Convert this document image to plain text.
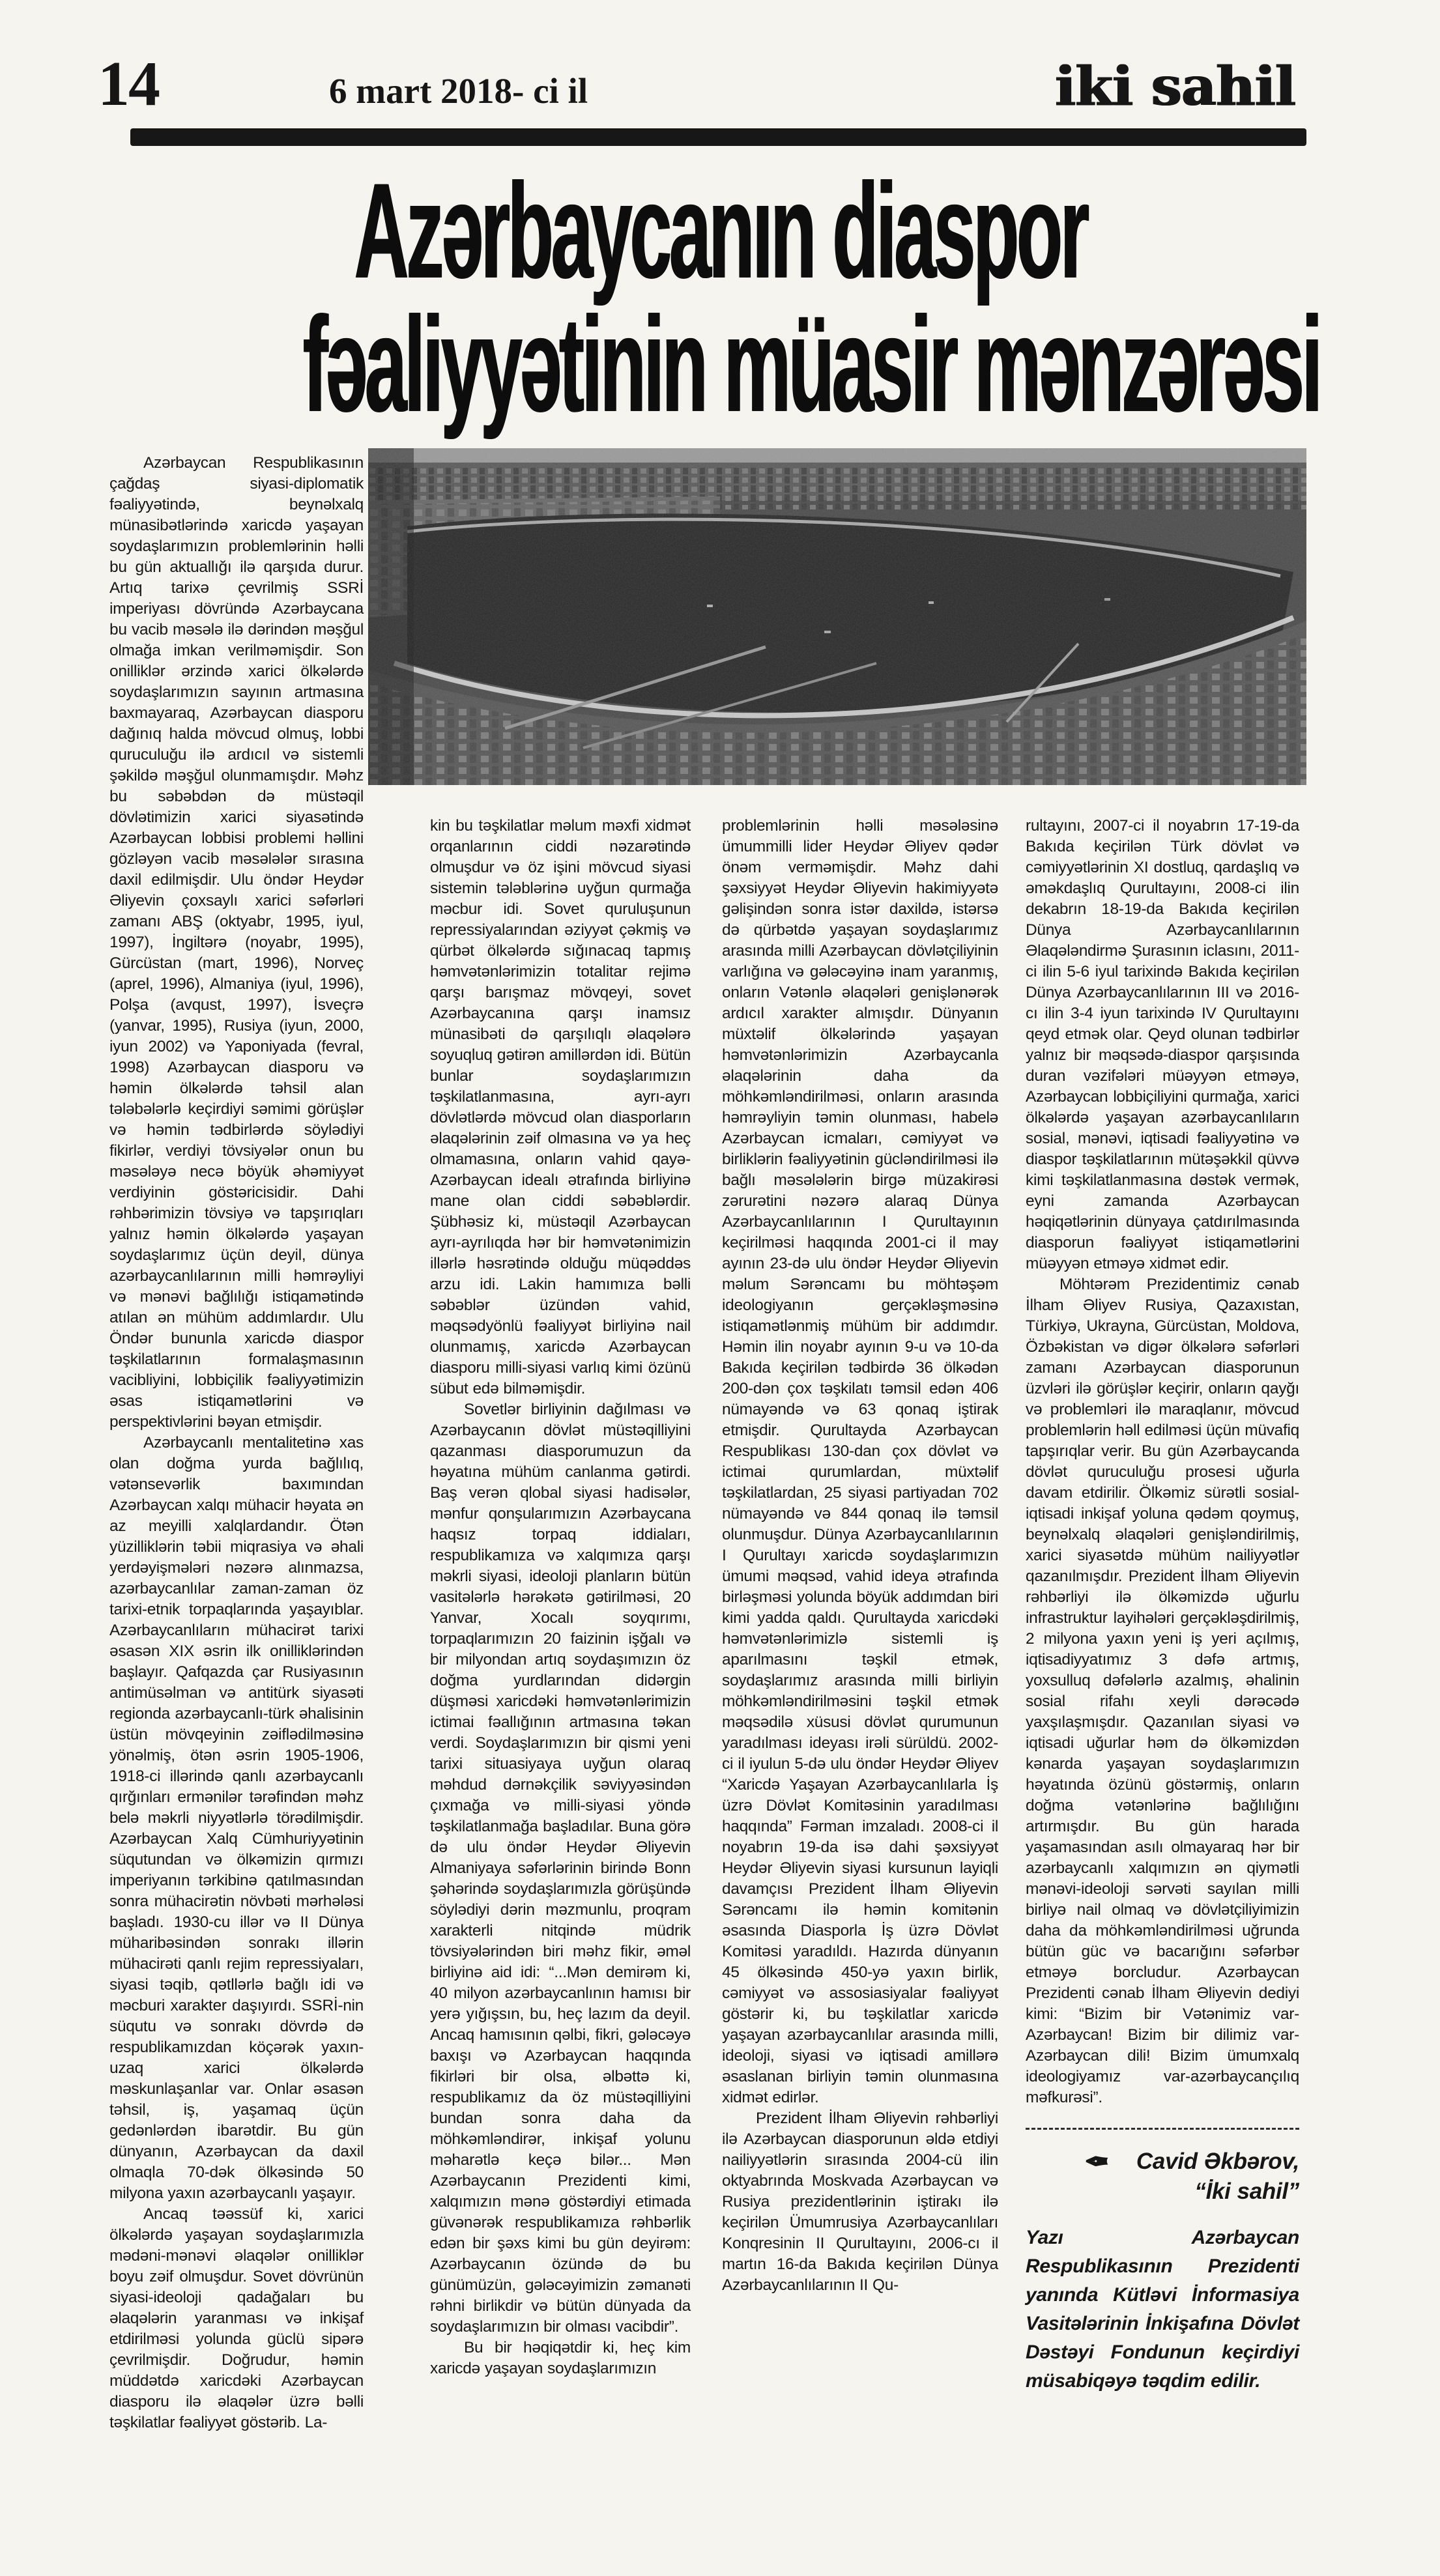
14	6 mart 2018- ci il	iki sahil
Azərbaycanın diaspor
fəaliyyətinin müasir mənzərəsi

Azərbaycan Respublikasının çağdaş siyasi-diplomatik fəaliyyətində, beynəlxalq münasibətlərində xaricdə yaşayan soydaşlarımızın problemlərinin həlli bu gün aktuallığı ilə qarşıda durur. Artıq tarixə çevrilmiş SSRİ imperiyası dövründə Azərbaycana bu vacib məsələ ilə dərindən məşğul olmağa imkan verilməmişdir. Son onilliklər ərzində xarici ölkələrdə soydaşlarımızın sayının artmasına baxmayaraq, Azərbaycan diasporu dağınıq halda mövcud olmuş, lobbi quruculuğu ilə ardıcıl və sistemli şəkildə məşğul olunmamışdır. Məhz bu səbəbdən də müstəqil dövlətimizin xarici siyasətində Azərbaycan lobbisi problemi həllini gözləyən vacib məsələlər sırasına daxil edilmişdir. Ulu öndər Heydər Əliyevin çoxsaylı xarici səfərləri zamanı ABŞ (oktyabr, 1995, iyul, 1997), İngiltərə (noyabr, 1995), Gürcüstan (mart, 1996), Norveç (aprel, 1996), Almaniya (iyul, 1996), Polşa (avqust, 1997), İsveçrə (yanvar, 1995), Rusiya (iyun, 2000, iyun 2002) və Yaponiyada (fevral, 1998) Azərbaycan diasporu və həmin ölkələrdə təhsil alan tələbələrlə keçirdiyi səmimi görüşlər və həmin tədbirlərdə söylədiyi fikirlər, verdiyi tövsiyələr onun bu məsələyə necə böyük əhəmiyyət verdiyinin göstəricisidir. Dahi rəhbərimizin tövsiyə və tapşırıqları yalnız həmin ölkələrdə yaşayan soydaşlarımız üçün deyil, dünya azərbaycanlılarının milli həmrəyliyi və mənəvi bağlılığı istiqamətində atılan ən mühüm addımlardır. Ulu Öndər bununla xaricdə diaspor təşkilatlarının formalaşmasının vacibliyini, lobbiçilik fəaliyyətimizin əsas istiqamətlərini və perspektivlərini bəyan etmişdir.

Azərbaycanlı mentalitetinə xas olan doğma yurda bağlılıq, vətənsevərlik baxımından Azərbaycan xalqı mühacir həyata ən az meyilli xalqlardandır. Ötən yüzilliklərin təbii miqrasiya və əhali yerdəyişmələri nəzərə alınmazsa, azərbaycanlılar zaman-zaman öz tarixi-etnik torpaqlarında yaşayıblar. Azərbaycanlıların mühacirət tarixi əsasən XIX əsrin ilk onilliklərindən başlayır. Qafqazda çar Rusiyasının antimüsəlman və antitürk siyasəti regionda azərbaycanlı-türk əhalisinin üstün mövqeyinin zəiflədilməsinə yönəlmiş, ötən əsrin 1905-1906, 1918-ci illərində qanlı azərbaycanlı qırğınları ermənilər tərəfindən məhz belə məkrli niyyətlərlə törədilmişdir. Azərbaycan Xalq Cümhuriyyətinin süqutundan və ölkəmizin qırmızı imperiyanın tərkibinə qatılmasından sonra mühacirətin növbəti mərhələsi başladı. 1930-cu illər və II Dünya müharibəsindən sonrakı illərin mühacirəti qanlı rejim repressiyaları, siyasi təqib, qətllərlə bağlı idi və məcburi xarakter daşıyırdı. SSRİ-nin süqutu və sonrakı dövrdə də respublikamızdan köçərək yaxın-uzaq xarici ölkələrdə məskunlaşanlar var. Onlar əsasən təhsil, iş, yaşamaq üçün gedənlərdən ibarətdir. Bu gün dünyanın, Azərbaycan da daxil olmaqla 70-dək ölkəsində 50 milyona yaxın azərbaycanlı yaşayır.

Ancaq təəssüf ki, xarici ölkələrdə yaşayan soydaşlarımızla mədəni-mənəvi əlaqələr onilliklər boyu zəif olmuşdur. Sovet dövrünün siyasi-ideoloji qadağaları bu əlaqələrin yaranması və inkişaf etdirilməsi yolunda güclü sipərə çevrilmişdir. Doğrudur, həmin müddətdə xaricdəki Azərbaycan diasporu ilə əlaqələr üzrə bəlli təşkilatlar fəaliyyət göstərib. La-

kin bu təşkilatlar məlum məxfi xidmət orqanlarının ciddi nəzarətində olmuşdur və öz işini mövcud siyasi sistemin tələblərinə uyğun qurmağa məcbur idi. Sovet quruluşunun repressiyalarından əziyyət çəkmiş və qürbət ölkələrdə sığınacaq tapmış həmvətənlərimizin totalitar rejimə qarşı barışmaz mövqeyi, sovet Azərbaycanına qarşı inamsız münasibəti də qarşılıqlı əlaqələrə soyuqluq gətirən amillərdən idi. Bütün bunlar soydaşlarımızın təşkilatlanmasına, ayrı-ayrı dövlətlərdə mövcud olan diasporların əlaqələrinin zəif olmasına və ya heç olmamasına, onların vahid qayə-Azərbaycan idealı ətrafında birliyinə mane olan ciddi səbəblərdir. Şübhəsiz ki, müstəqil Azərbaycan ayrı-ayrılıqda hər bir həmvətənimizin illərlə həsrətində olduğu müqəddəs arzu idi. Lakin hamımıza bəlli səbəblər üzündən vahid, məqsədyönlü fəaliyyət birliyinə nail olunmamış, xaricdə Azərbaycan diasporu milli-siyasi varlıq kimi özünü sübut edə bilməmişdir.

Sovetlər birliyinin dağılması və Azərbaycanın dövlət müstəqilliyini qazanması diasporumuzun da həyatına mühüm canlanma gətirdi. Baş verən qlobal siyasi hadisələr, mənfur qonşularımızın Azərbaycana haqsız torpaq iddiaları, respublikamıza və xalqımıza qarşı məkrli siyasi, ideoloji planların bütün vasitələrlə hərəkətə gətirilməsi, 20 Yanvar, Xocalı soyqırımı, torpaqlarımızın 20 faizinin işğalı və bir milyondan artıq soydaşımızın öz doğma yurdlarından didərgin düşməsi xaricdəki həmvətənlərimizin ictimai fəallığının artmasına təkan verdi. Soydaşlarımızın bir qismi yeni tarixi situasiyaya uyğun olaraq məhdud dərnəkçilik səviyyəsindən çıxmağa və milli-siyasi yöndə təşkilatlanmağa başladılar. Buna görə də ulu öndər Heydər Əliyevin Almaniyaya səfərlərinin birində Bonn şəhərində soydaşlarımızla görüşündə söylədiyi dərin məzmunlu, proqram xarakterli nitqində müdrik tövsiyələrindən biri məhz fikir, əməl birliyinə aid idi: “...Mən demirəm ki, 40 milyon azərbaycanlının hamısı bir yerə yığışsın, bu, heç lazım da deyil. Ancaq hamısının qəlbi, fikri, gələcəyə baxışı və Azərbaycan haqqında fikirləri bir olsa, əlbəttə ki, respublikamız da öz müstəqilliyini bundan sonra daha da möhkəmləndirər, inkişaf yolunu məharətlə keçə bilər... Mən Azərbaycanın Prezidenti kimi, xalqımızın mənə göstərdiyi etimada güvənərək respublikamıza rəhbərlik edən bir şəxs kimi bu gün deyirəm: Azərbaycanın özündə də bu günümüzün, gələcəyimizin zəmanəti rəhni birlikdir və bütün dünyada da soydaşlarımızın bir olması vacibdir”.

Bu bir həqiqətdir ki, heç kim xaricdə yaşayan soydaşlarımızın

problemlərinin həlli məsələsinə ümummilli lider Heydər Əliyev qədər önəm verməmişdir. Məhz dahi şəxsiyyət Heydər Əliyevin hakimiyyətə gəlişindən sonra istər daxildə, istərsə də qürbətdə yaşayan soydaşlarımız arasında milli Azərbaycan dövlətçiliyinin varlığına və gələcəyinə inam yaranmış, onların Vətənlə əlaqələri genişlənərək ardıcıl xarakter almışdır. Dünyanın müxtəlif ölkələrində yaşayan həmvətənlərimizin Azərbaycanla əlaqələrinin daha da möhkəmləndirilməsi, onların arasında həmrəyliyin təmin olunması, habelə Azərbaycan icmaları, cəmiyyət və birliklərin fəaliyyətinin gücləndirilməsi ilə bağlı məsələlərin birgə müzakirəsi zərurətini nəzərə alaraq Dünya Azərbaycanlılarının I Qurultayının keçirilməsi haqqında 2001-ci il may ayının 23-də ulu öndər Heydər Əliyevin məlum Sərəncamı bu möhtəşəm ideologiyanın gerçəkləşməsinə istiqamətlənmiş mühüm bir addımdır. Həmin ilin noyabr ayının 9-u və 10-da Bakıda keçirilən tədbirdə 36 ölkədən 200-dən çox təşkilatı təmsil edən 406 nümayəndə və 63 qonaq iştirak etmişdir. Qurultayda Azərbaycan Respublikası 130-dan çox dövlət və ictimai qurumlardan, müxtəlif təşkilatlardan, 25 siyasi partiyadan 702 nümayəndə və 844 qonaq ilə təmsil olunmuşdur. Dünya Azərbaycanlılarının I Qurultayı xaricdə soydaşlarımızın ümumi məqsəd, vahid ideya ətrafında birləşməsi yolunda böyük addımdan biri kimi yadda qaldı. Qurultayda xaricdəki həmvətənlərimizlə sistemli iş aparılmasını təşkil etmək, soydaşlarımız arasında milli birliyin möhkəmləndirilməsini təşkil etmək məqsədilə xüsusi dövlət qurumunun yaradılması ideyası irəli sürüldü. 2002-ci il iyulun 5-də ulu öndər Heydər Əliyev “Xaricdə Yaşayan Azərbaycanlılarla İş üzrə Dövlət Komitəsinin yaradılması haqqında” Fərman imzaladı. 2008-ci il noyabrın 19-da isə dahi şəxsiyyət Heydər Əliyevin siyasi kursunun layiqli davamçısı Prezident İlham Əliyevin Sərəncamı ilə həmin komitənin əsasında Diasporla İş üzrə Dövlət Komitəsi yaradıldı. Hazırda dünyanın 45 ölkəsində 450-yə yaxın birlik, cəmiyyət və assosiasiyalar fəaliyyət göstərir ki, bu təşkilatlar xaricdə yaşayan azərbaycanlılar arasında milli, ideoloji, siyasi və iqtisadi amillərə əsaslanan birliyin təmin olunmasına xidmət edirlər.

Prezident İlham Əliyevin rəhbərliyi ilə Azərbaycan diasporunun əldə etdiyi nailiyyətlərin sırasında 2004-cü ilin oktyabrında Moskvada Azərbaycan və Rusiya prezidentlərinin iştirakı ilə keçirilən Ümumrusiya Azərbaycanlıları Konqresinin II Qurultayını, 2006-cı il martın 16-da Bakıda keçirilən Dünya Azərbaycanlılarının II Qu-

rultayını, 2007-ci il noyabrın 17-19-da Bakıda keçirilən Türk dövlət və cəmiyyətlərinin XI dostluq, qardaşlıq və əməkdaşlıq Qurultayını, 2008-ci ilin dekabrın 18-19-da Bakıda keçirilən Dünya Azərbaycanlılarının Əlaqələndirmə Şurasının iclasını, 2011-ci ilin 5-6 iyul tarixində Bakıda keçirilən Dünya Azərbaycanlılarının III və 2016-cı ilin 3-4 iyun tarixində IV Qurultayını qeyd etmək olar. Qeyd olunan tədbirlər yalnız bir məqsədə-diaspor qarşısında duran vəzifələri müəyyən etməyə, Azərbaycan lobbiçiliyini qurmağa, xarici ölkələrdə yaşayan azərbaycanlıların sosial, mənəvi, iqtisadi fəaliyyətinə və diaspor təşkilatlarının mütəşəkkil qüvvə kimi təşkilatlanmasına dəstək vermək, eyni zamanda Azərbaycan həqiqətlərinin dünyaya çatdırılmasında diasporun fəaliyyət istiqamətlərini müəyyən etməyə xidmət edir.

Möhtərəm Prezidentimiz cənab İlham Əliyev Rusiya, Qazaxıstan, Türkiyə, Ukrayna, Gürcüstan, Moldova, Özbəkistan və digər ölkələrə səfərləri zamanı Azərbaycan diasporunun üzvləri ilə görüşlər keçirir, onların qayğı və problemləri ilə maraqlanır, mövcud problemlərin həll edilməsi üçün müvafiq tapşırıqlar verir. Bu gün Azərbaycanda dövlət quruculuğu prosesi uğurla davam etdirilir. Ölkəmiz sürətli sosial-iqtisadi inkişaf yoluna qədəm qoymuş, beynəlxalq əlaqələri genişləndirilmiş, xarici siyasətdə mühüm nailiyyətlər qazanılmışdır. Prezident İlham Əliyevin rəhbərliyi ilə ölkəmizdə uğurlu infrastruktur layihələri gerçəkləşdirilmiş, 2 milyona yaxın yeni iş yeri açılmış, iqtisadiyyatımız 3 dəfə artmış, yoxsulluq dəfələrlə azalmış, əhalinin sosial rifahı xeyli dərəcədə yaxşılaşmışdır. Qazanılan siyasi və iqtisadi uğurlar həm də ölkəmizdən kənarda yaşayan soydaşlarımızın həyatında özünü göstərmiş, onların doğma vətənlərinə bağlılığını artırmışdır. Bu gün harada yaşamasından asılı olmayaraq hər bir azərbaycanlı xalqımızın ən qiymətli mənəvi-ideoloji sərvəti sayılan milli birliyə nail olmaq və dövlətçiliyimizin daha da möhkəmləndirilməsi uğrunda bütün güc və bacarığını səfərbər etməyə borcludur. Azərbaycan Prezidenti cənab İlham Əliyevin dediyi kimi: “Bizim bir Vətənimiz var-Azərbaycan! Bizim bir dilimiz var-Azərbaycan dili! Bizim ümumxalq ideologiyamız var-azərbaycançılıq məfkurəsi”.

✒ Cavid Əkbərov,
“İki sahil”
Yazı Azərbaycan Respublikasının Prezidenti yanında Kütləvi İnformasiya Vasitələrinin İnkişafına Dövlət Dəstəyi Fondunun keçirdiyi müsabiqəyə təqdim edilir.
